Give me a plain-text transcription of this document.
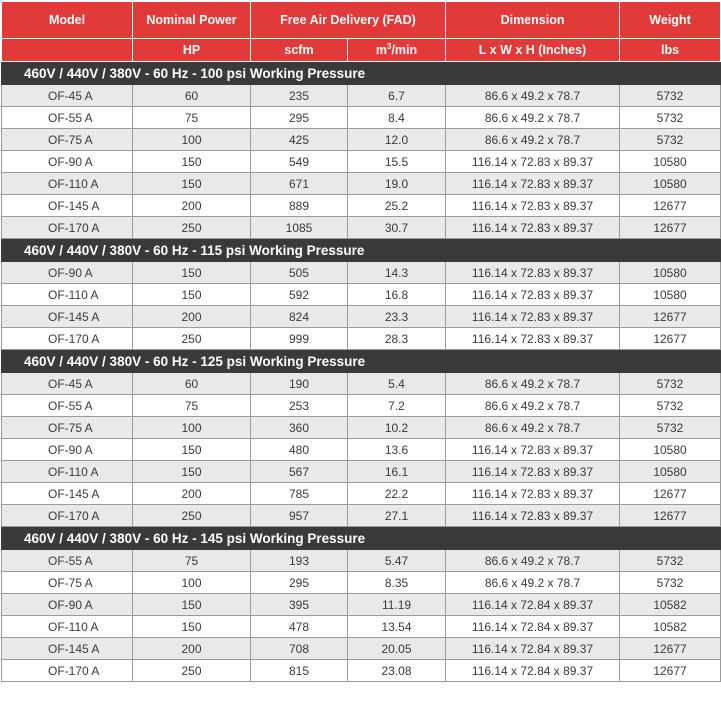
Model	Nominal Power	Free Air Delivery (FAD)		Dimension	Weight
	HP	scfm	$m^3/\min$	L x W x H (Inches)	lbs
460V / 440V / 380V - 60 Hz - 100 psi Working Pressure					
OF-45 A	60	235	6.7	86.6 x 49.2 x 78.7	5732
OF-55 A	75	295	8.4	86.6 x 49.2 x 78.7	5732
OF-75 A	100	425	12.0	86.6 x 49.2 x 78.7	5732
OF-90 A	150	549	15.5	116.14 x 72.83 x 89.37	10580
OF-110 A	150	671	19.0	116.14 x 72.83 x 89.37	10580
OF-145 A	200	889	25.2	116.14 x 72.83 x 89.37	12677
OF-170 A	250	1085	30.7	116.14 x 72.83 x 89.37	12677
460V / 440V / 380V - 60 Hz - 115 psi Working Pressure					
OF-90 A	150	505	14.3	116.14 x 72.83 x 89.37	10580
OF-110 A	150	592	16.8	116.14 x 72.83 x 89.37	10580
OF-145 A	200	824	23.3	116.14 x 72.83 x 89.37	12677
OF-170 A	250	999	28.3	116.14 x 72.83 x 89.37	12677
460V / 440V / 380V - 60 Hz - 125 psi Working Pressure					
OF-45 A	60	190	5.4	86.6 x 49.2 x 78.7	5732
OF-55 A	75	253	7.2	86.6 x 49.2 x 78.7	5732
OF-75 A	100	360	10.2	86.6 x 49.2 x 78.7	5732
OF-90 A	150	480	13.6	116.14 x 72.83 x 89.37	10580
OF-110 A	150	567	16.1	116.14 x 72.83 x 89.37	10580
OF-145 A	200	785	22.2	116.14 x 72.83 x 89.37	12677
OF-170 A	250	957	27.1	116.14 x 72.83 x 89.37	12677
460V / 440V / 380V - 60 Hz - 145 psi Working Pressure					
OF-55 A	75	193	5.47	86.6 x 49.2 x 78.7	5732
OF-75 A	100	295	8.35	86.6 x 49.2 x 78.7	5732
OF-90 A	150	395	11.19	116.14 x 72.84 x 89.37	10582
OF-110 A	150	478	13.54	116.14 x 72.84 x 89.37	10582
OF-145 A	200	708	20.05	116.14 x 72.84 x 89.37	12677
OF-170 A	250	815	23.08	116.14 x 72.84 x 89.37	12677
